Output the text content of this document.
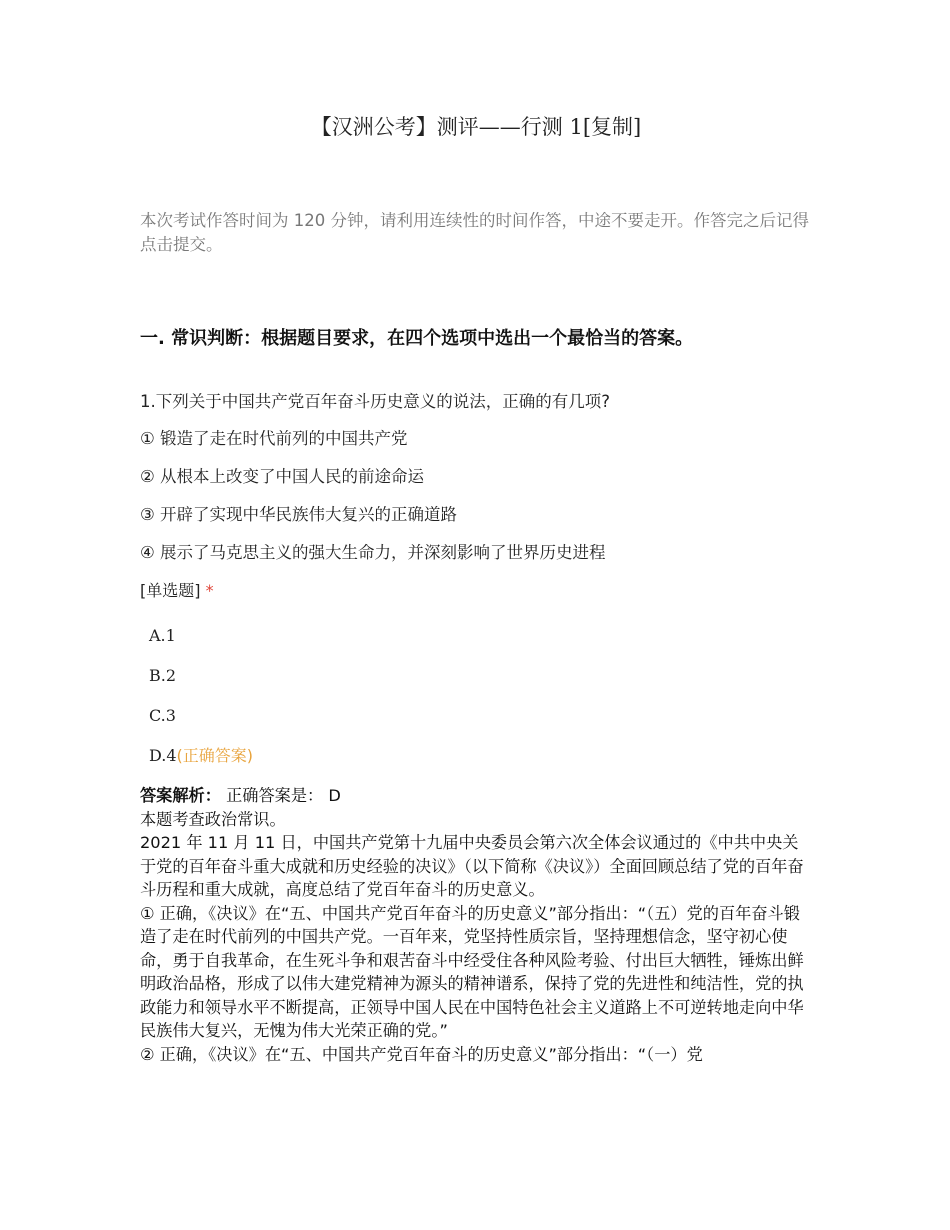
【汉洲公考】测评——行测 1[复制]
本次考试作答时间为 120 分钟，请利用连续性的时间作答，中途不要走开。作答完之后记得点击提交。
一. 常识判断：根据题目要求，在四个选项中选出一个最恰当的答案。
1.下列关于中国共产党百年奋斗历史意义的说法，正确的有几项?
① 锻造了走在时代前列的中国共产党
② 从根本上改变了中国人民的前途命运
③ 开辟了实现中华民族伟大复兴的正确道路
④ 展示了马克思主义的强大生命力，并深刻影响了世界历史进程
[单选题] *
A.1
B.2
C.3
D.4(正确答案)

答案解析： 正确答案是： D

本题考查政治常识。

2021 年 11 月 11 日，中国共产党第十九届中央委员会第六次全体会议通过的《中共中央关于党的百年奋斗重大成就和历史经验的决议》（以下简称《决议》）全面回顾总结了党的百年奋斗历程和重大成就，高度总结了党百年奋斗的历史意义。

① 正确，《决议》在“五、中国共产党百年奋斗的历史意义”部分指出：“（五）党的百年奋斗锻造了走在时代前列的中国共产党。一百年来，党坚持性质宗旨，坚持理想信念，坚守初心使命，勇于自我革命，在生死斗争和艰苦奋斗中经受住各种风险考验、付出巨大牺牲，锤炼出鲜明政治品格，形成了以伟大建党精神为源头的精神谱系，保持了党的先进性和纯洁性，党的执政能力和领导水平不断提高，正领导中国人民在中国特色社会主义道路上不可逆转地走向中华民族伟大复兴，无愧为伟大光荣正确的党。”

② 正确，《决议》在“五、中国共产党百年奋斗的历史意义”部分指出：“（一）党
